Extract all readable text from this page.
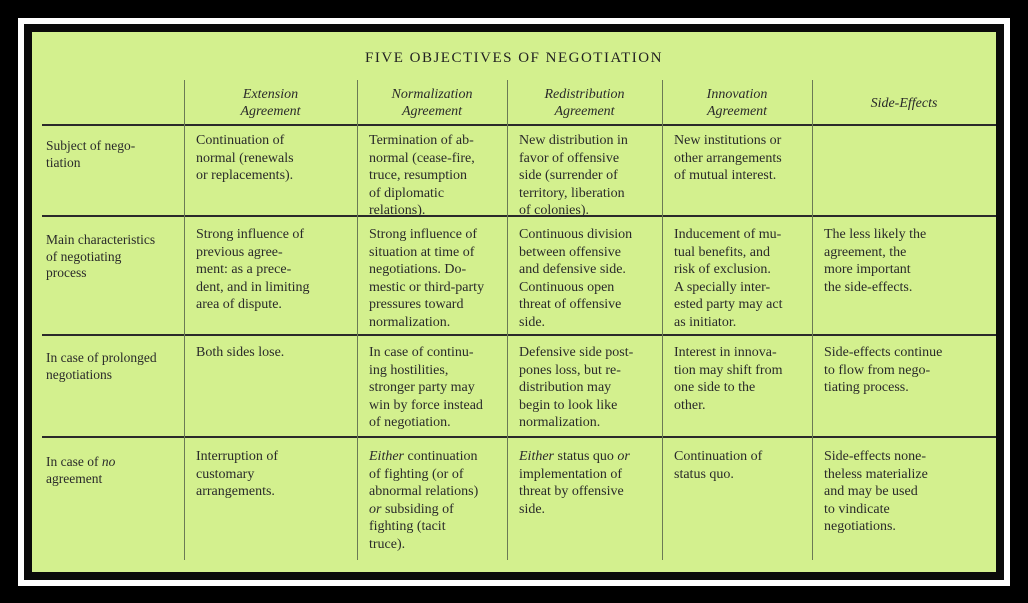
FIVE OBJECTIVES OF NEGOTIATION
Extension
Agreement
Normalization
Agreement
Redistribution
Agreement
Innovation
Agreement
Side-Effects
Subject of nego-
tiation
Continuation of
normal (renewals
or replacements).
Termination of ab-
normal (cease-fire,
truce, resumption
of diplomatic
relations).
New distribution in
favor of offensive
side (surrender of
territory, liberation
of colonies).
New institutions or
other arrangements
of mutual interest.
Main characteristics
of negotiating
process
Strong influence of
previous agree-
ment: as a prece-
dent, and in limiting
area of dispute.
Strong influence of
situation at time of
negotiations. Do-
mestic or third-party
pressures toward
normalization.
Continuous division
between offensive
and defensive side.
Continuous open
threat of offensive
side.
Inducement of mu-
tual benefits, and
risk of exclusion.
A specially inter-
ested party may act
as initiator.
The less likely the
agreement, the
more important
the side-effects.
In case of prolonged
negotiations
Both sides lose.	In case of continu-
ing hostilities,
stronger party may
win by force instead
of negotiation.
Defensive side post-
pones loss, but re-
distribution may
begin to look like
normalization.
Interest in innova-
tion may shift from
one side to the
other.
Side-effects continue
to flow from nego-
tiating process.
In case of no
agreement
Interruption of
customary
arrangements.
Either continuation
of fighting (or of
abnormal relations)
or subsiding of
fighting (tacit
truce).
Either status quo or
implementation of
threat by offensive
side.
Continuation of
status quo.
Side-effects none-
theless materialize
and may be used
to vindicate
negotiations.
